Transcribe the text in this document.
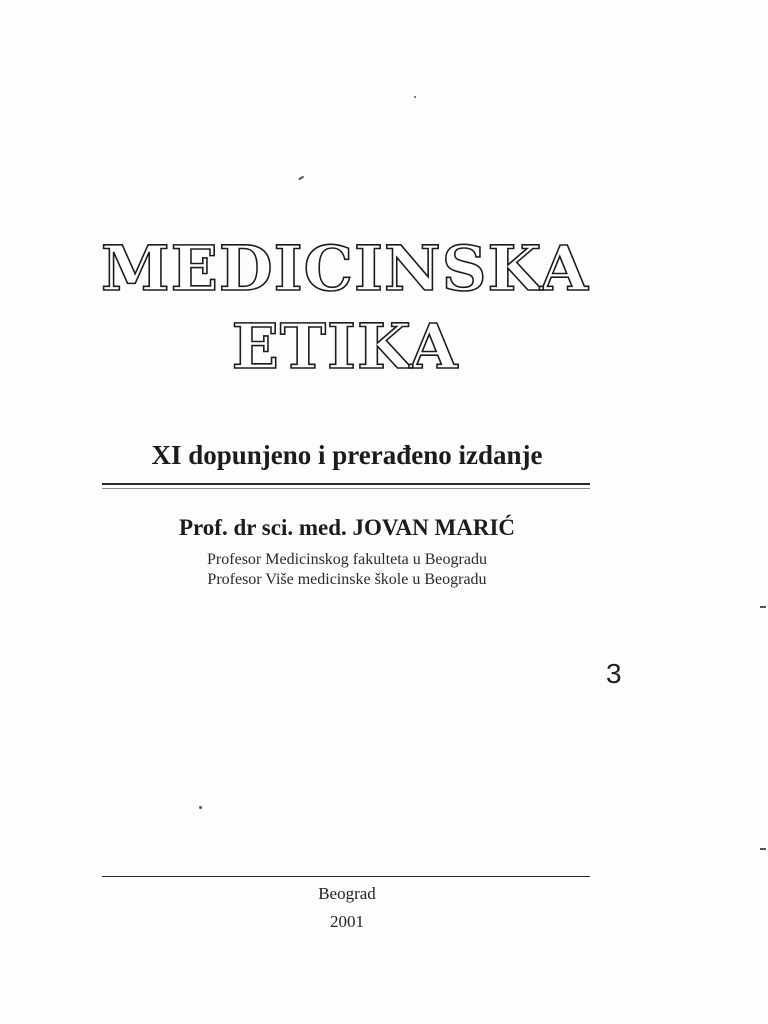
MEDICINSKA
ETIKA
XI dopunjeno i prerađeno izdanje
Prof. dr sci. med. JOVAN MARIĆ
Profesor Medicinskog fakulteta u Beogradu
Profesor Više medicinske škole u Beogradu
3
Beograd
2001
